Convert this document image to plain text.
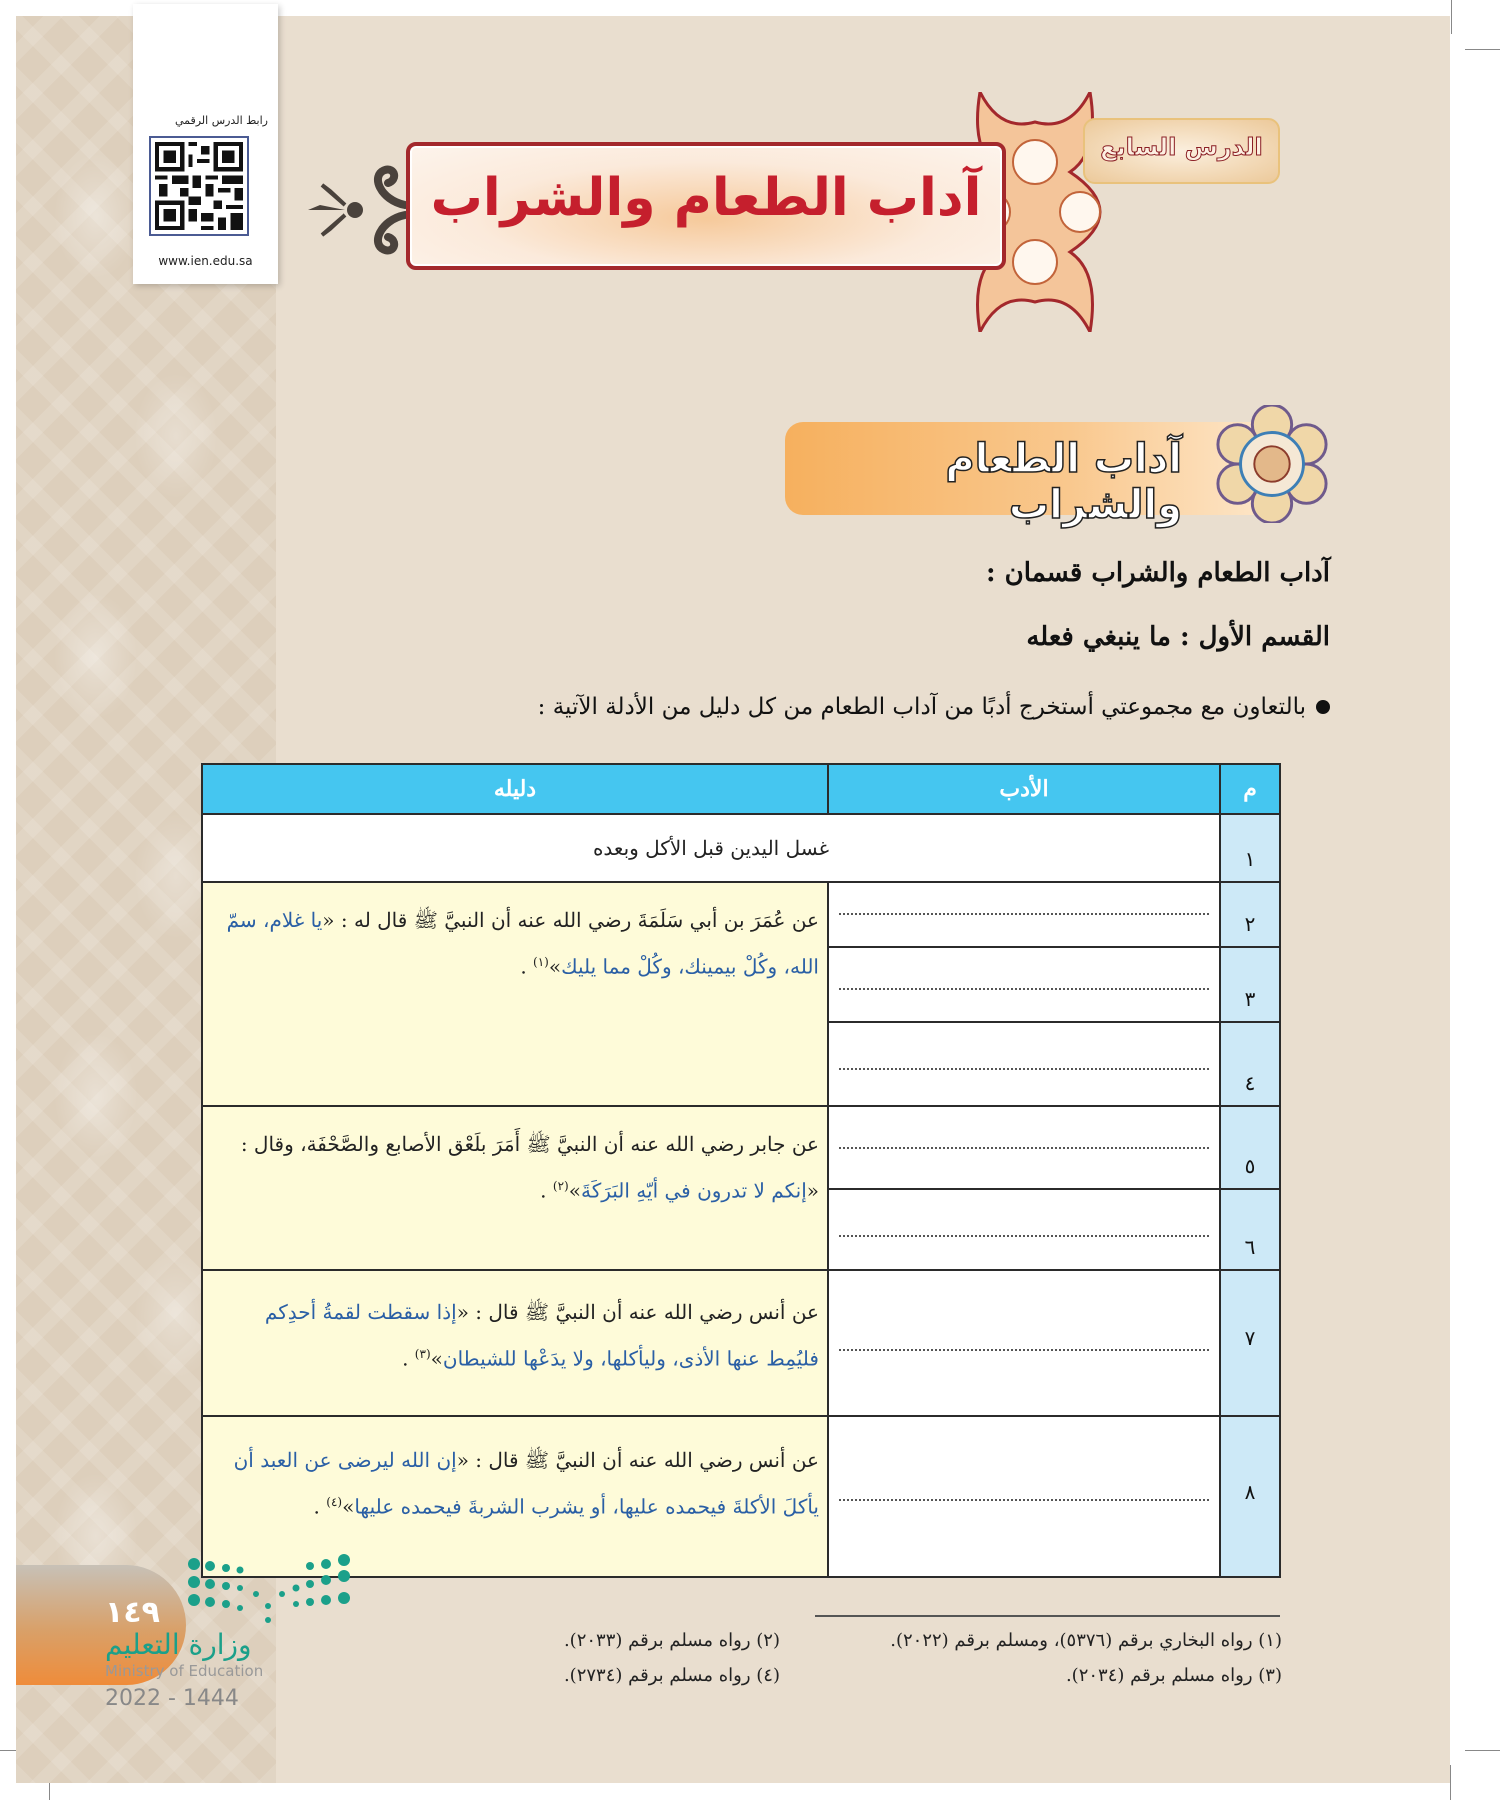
رابط الدرس الرقمي
www.ien.edu.sa
آداب الطعام والشراب
الدرس السابع
آداب الطعام والشراب
آداب الطعام والشراب قسمان :
القسم الأول : ما ينبغي فعله
بالتعاون مع مجموعتي أستخرج أدبًا من آداب الطعام من كل دليل من الأدلة الآتية :
م	الأدب	دليله
١	غسل اليدين قبل الأكل وبعده	
٢		عن عُمَرَ بن أبي سَلَمَةَ رضي الله عنه أن النبيَّ ﷺ قال له : «يا غلام، سمّ الله، وكُلْ بيمينك، وكُلْ مما يليك»$^{(١)}$ .
٣		

٤		

٥		عن جابر رضي الله عنه أن النبيَّ ﷺ أَمَرَ بلَعْق الأصابع والصَّحْفَة، وقال : «إنكم لا تدرون في أيّهِ البَرَكَةَ»$^{(٢)}$ .
٦		

٧		عن أنس رضي الله عنه أن النبيَّ ﷺ قال : «إذا سقطت لقمةُ أحدِكم فليُمِط عنها الأذى، وليأكلها، ولا يدَعْها للشيطان»$^{(٣)}$ .
٨		عن أنس رضي الله عنه أن النبيَّ ﷺ قال : «إن الله ليرضى عن العبد أن يأكلَ الأكلةَ فيحمده عليها، أو يشرب الشربةَ فيحمده عليها»$^{(٤)}$ .
(١) رواه البخاري برقم (٥٣٧٦)، ومسلم برقم (٢٠٢٢).
(٢) رواه مسلم برقم (٢٠٣٣).
(٣) رواه مسلم برقم (٢٠٣٤).
(٤) رواه مسلم برقم (٢٧٣٤).
١٤٩
وزارة التعليم
Ministry of Education
2022 - 1444
